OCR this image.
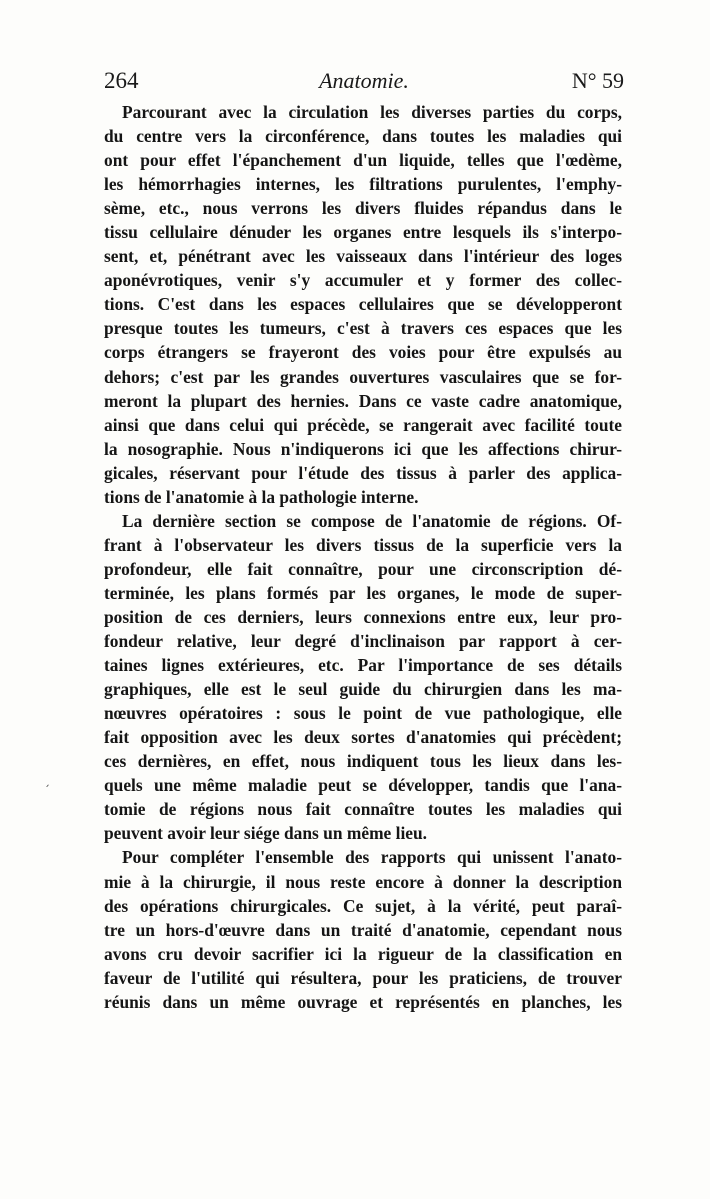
264	Anatomie.	N° 59
Parcourant avec la circulation les diverses parties du corps,
du centre vers la circonférence, dans toutes les maladies qui
ont pour effet l'épanchement d'un liquide, telles que l'œdème,
les hémorrhagies internes, les filtrations purulentes, l'emphy-
sème, etc., nous verrons les divers fluides répandus dans le
tissu cellulaire dénuder les organes entre lesquels ils s'interpo-
sent, et, pénétrant avec les vaisseaux dans l'intérieur des loges
aponévrotiques, venir s'y accumuler et y former des collec-
tions. C'est dans les espaces cellulaires que se développeront
presque toutes les tumeurs, c'est à travers ces espaces que les
corps étrangers se frayeront des voies pour être expulsés au
dehors; c'est par les grandes ouvertures vasculaires que se for-
meront la plupart des hernies. Dans ce vaste cadre anatomique,
ainsi que dans celui qui précède, se rangerait avec facilité toute
la nosographie. Nous n'indiquerons ici que les affections chirur-
gicales, réservant pour l'étude des tissus à parler des applica-
tions de l'anatomie à la pathologie interne.
La dernière section se compose de l'anatomie de régions. Of-
frant à l'observateur les divers tissus de la superficie vers la
profondeur, elle fait connaître, pour une circonscription dé-
terminée, les plans formés par les organes, le mode de super-
position de ces derniers, leurs connexions entre eux, leur pro-
fondeur relative, leur degré d'inclinaison par rapport à cer-
taines lignes extérieures, etc. Par l'importance de ses détails
graphiques, elle est le seul guide du chirurgien dans les ma-
nœuvres opératoires : sous le point de vue pathologique, elle
fait opposition avec les deux sortes d'anatomies qui précèdent;
ces dernières, en effet, nous indiquent tous les lieux dans les-
quels une même maladie peut se développer, tandis que l'ana-
tomie de régions nous fait connaître toutes les maladies qui
peuvent avoir leur siége dans un même lieu.
Pour compléter l'ensemble des rapports qui unissent l'anato-
mie à la chirurgie, il nous reste encore à donner la description
des opérations chirurgicales. Ce sujet, à la vérité, peut paraî-
tre un hors-d'œuvre dans un traité d'anatomie, cependant nous
avons cru devoir sacrifier ici la rigueur de la classification en
faveur de l'utilité qui résultera, pour les praticiens, de trouver
réunis dans un même ouvrage et représentés en planches, les
ˏ
